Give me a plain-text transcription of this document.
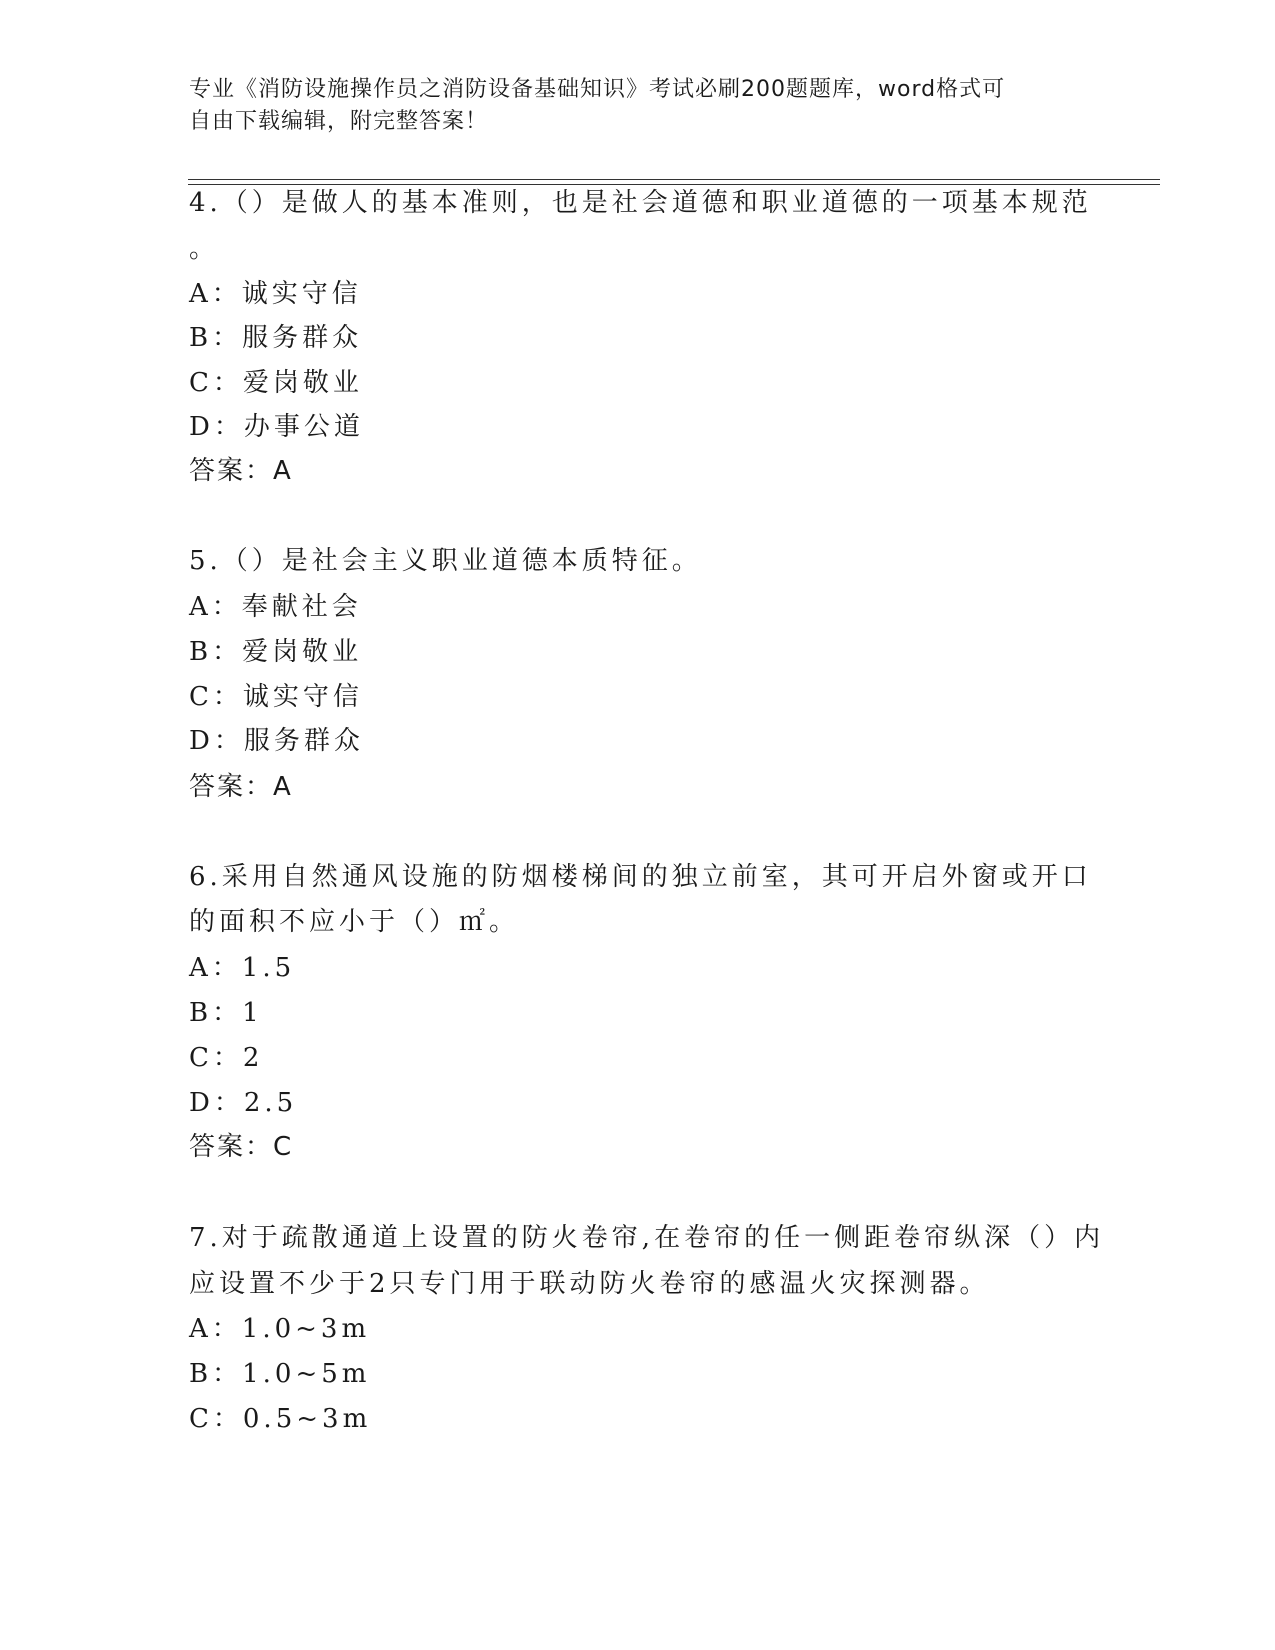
专业《消防设施操作员之消防设备基础知识》考试必刷200题题库，word格式可
自由下载编辑，附完整答案！
4.（）是做人的基本准则，也是社会道德和职业道德的一项基本规范
。
A：诚实守信
B：服务群众
C：爱岗敬业
D：办事公道
答案：A
5.（）是社会主义职业道德本质特征。
A：奉献社会
B：爱岗敬业
C：诚实守信
D：服务群众
答案：A
6.采用自然通风设施的防烟楼梯间的独立前室，其可开启外窗或开口
的面积不应小于（）㎡。
A：1.5
B：1
C：2
D：2.5
答案：C
7.对于疏散通道上设置的防火卷帘,在卷帘的任一侧距卷帘纵深（）内
应设置不少于2只专门用于联动防火卷帘的感温火灾探测器。
A：1.0~3m
B：1.0~5m
C：0.5~3m
